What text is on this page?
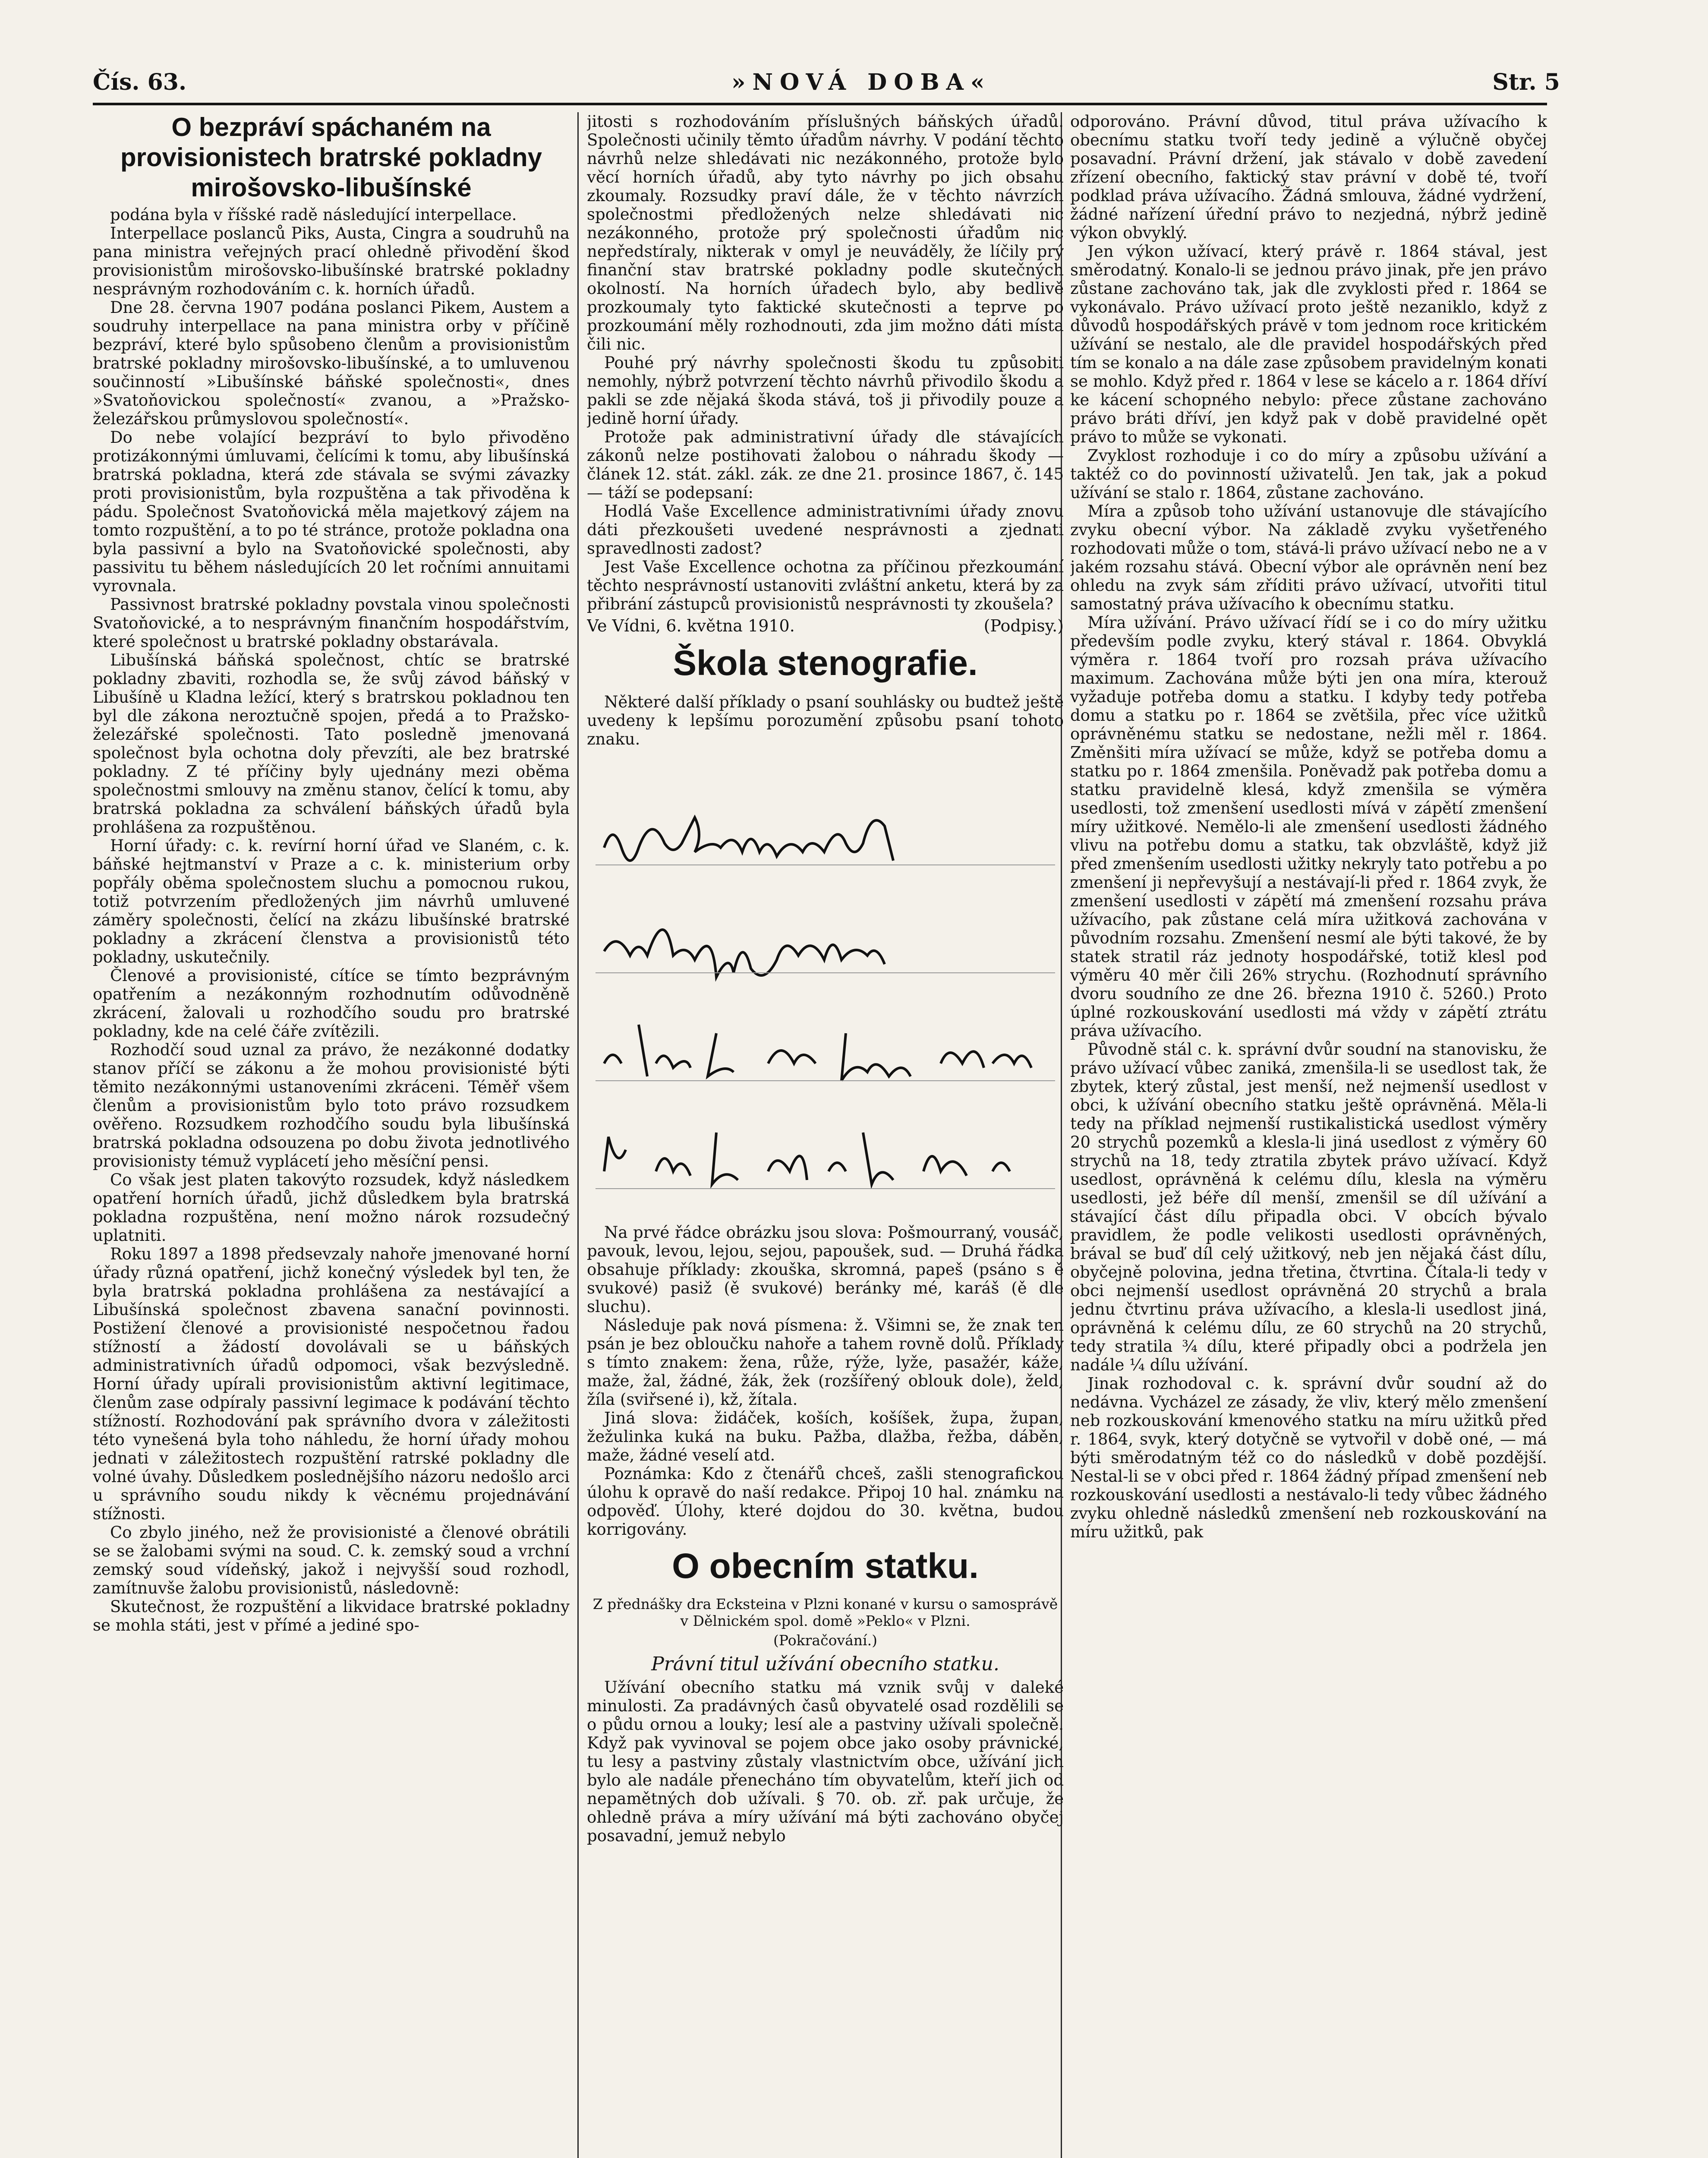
Čís. 63.	»NOVÁ DOBA«	Str. 5
O bezpráví spáchaném na provisionistech bratrské pokladny mirošovsko-libušínské

podána byla v říšské radě následující interpellace.

Interpellace poslanců Piks, Austa, Cingra a soudruhů na pana ministra veřejných prací ohledně přivodění škod provisionistům mirošovsko-libušínské bratrské pokladny nesprávným rozhodováním c. k. horních úřadů.

Dne 28. června 1907 podána poslanci Pikem, Austem a soudruhy interpellace na pana ministra orby v příčině bezpráví, které bylo spůsobeno členům a provisionistům bratrské pokladny mirošovsko-libušínské, a to umluvenou součinností »Libušínské báňské společnosti«, dnes »Svatoňovickou společností« zvanou, a »Pražsko-železářskou průmyslovou společností«.

Do nebe volající bezpráví to bylo přivoděno protizákonnými úmluvami, čelícími k tomu, aby libušínská bratrská pokladna, která zde stávala se svými závazky proti provisionistům, byla rozpuštěna a tak přivoděna k pádu. Společnost Svatoňovická měla majetkový zájem na tomto rozpuštění, a to po té stránce, protože pokladna ona byla passivní a bylo na Svatoňovické společnosti, aby passivitu tu během následujících 20 let ročními annuitami vyrovnala.

Passivnost bratrské pokladny povstala vinou společnosti Svatoňovické, a to nesprávným finančním hospodářstvím, které společnost u bratrské pokladny obstarávala.

Libušínská báňská společnost, chtíc se bratrské pokladny zbaviti, rozhodla se, že svůj závod báňský v Libušíně u Kladna ležící, který s bratrskou pokladnou ten byl dle zákona neroztučně spojen, předá a to Pražsko-železářské společnosti. Tato posledně jmenovaná společnost byla ochotna doly převzíti, ale bez bratrské pokladny. Z té příčiny byly ujednány mezi oběma společnostmi smlouvy na změnu stanov, čelící k tomu, aby bratrská pokladna za schválení báňských úřadů byla prohlášena za rozpuštěnou.

Horní úřady: c. k. revírní horní úřad ve Slaném, c. k. báňské hejtmanství v Praze a c. k. ministerium orby popřály oběma společnostem sluchu a pomocnou rukou, totiž potvrzením předložených jim návrhů umluvené záměry společnosti, čelící na zkázu libušínské bratrské pokladny a zkrácení členstva a provisionistů této pokladny, uskutečnily.

Členové a provisionisté, cítíce se tímto bezprávným opatřením a nezákonným rozhodnutím odůvodněně zkrácení, žalovali u rozhodčího soudu pro bratrské pokladny, kde na celé čáře zvítězili.

Rozhodčí soud uznal za právo, že nezákonné dodatky stanov příčí se zákonu a že mohou provisionisté býti těmito nezákonnými ustanoveními zkráceni. Téměř všem členům a provisionistům bylo toto právo rozsudkem ověřeno. Rozsudkem rozhodčího soudu byla libušínská bratrská pokladna odsouzena po dobu života jednotlivého provisionisty témuž vyplácetí jeho měsíční pensi.

Co však jest platen takovýto rozsudek, když následkem opatření horních úřadů, jichž důsledkem byla bratrská pokladna rozpuštěna, není možno nárok rozsudečný uplatniti.

Roku 1897 a 1898 předsevzaly nahoře jmenované horní úřady různá opatření, jichž konečný výsledek byl ten, že byla bratrská pokladna prohlášena za nestávající a Libušínská společnost zbavena sanační povinnosti. Postižení členové a provisionisté nespočetnou řadou stížností a žádostí dovolávali se u báňských administrativních úřadů odpomoci, však bezvýsledně. Horní úřady upírali provisionistům aktivní legitimace, členům zase odpíraly passivní legimace k podávání těchto stížností. Rozhodování pak správního dvora v záležitosti této vynešená byla toho náhledu, že horní úřady mohou jednati v záležitostech rozpuštění ratrské pokladny dle volné úvahy. Důsledkem poslednějšího názoru nedošlo arci u správního soudu nikdy k věcnému projednávání stížnosti.

Co zbylo jiného, než že provisionisté a členové obrátili se se žalobami svými na soud. C. k. zemský soud a vrchní zemský soud vídeňský, jakož i nejvyšší soud rozhodl, zamítnuvše žalobu provisionistů, následovně:

Skutečnost, že rozpuštění a likvidace bratrské pokladny se mohla státi, jest v přímé a jediné spo-

jitosti s rozhodováním příslušných báňských úřadů. Společnosti učinily těmto úřadům návrhy. V podání těchto návrhů nelze shledávati nic nezákonného, protože bylo věcí horních úřadů, aby tyto návrhy po jich obsahu zkoumaly. Rozsudky praví dále, že v těchto návrzích společnostmi předložených nelze shledávati nic nezákonného, protože prý společnosti úřadům nic nepředstíraly, nikterak v omyl je neuváděly, že líčily prý finanční stav bratrské pokladny podle skutečných okolností. Na horních úřadech bylo, aby bedlivě prozkoumaly tyto faktické skutečnosti a teprve po prozkoumání měly rozhodnouti, zda jim možno dáti místa čili nic.

Pouhé prý návrhy společnosti škodu tu způsobiti nemohly, nýbrž potvrzení těchto návrhů přivodilo škodu a pakli se zde nějaká škoda stává, toš ji přivodily pouze a jedině horní úřady.

Protože pak administrativní úřady dle stávajících zákonů nelze postihovati žalobou o náhradu škody — článek 12. stát. zákl. zák. ze dne 21. prosince 1867, č. 145 — táží se podepsaní:

Hodlá Vaše Excellence administrativními úřady znovu dáti přezkoušeti uvedené nesprávnosti a zjednati spravedlnosti zadost?

Jest Vaše Excellence ochotna za příčinou přezkoumání těchto nesprávností ustanoviti zvláštní anketu, která by za přibrání zástupců provisionistů nesprávnosti ty zkoušela?

Ve Vídni, 6. května 1910.	(Podpisy.)
Škola stenografie.

Některé další příklady o psaní souhlásky ou budtež ještě uvedeny k lepšímu porozumění způsobu psaní tohoto znaku.

Na prvé řádce obrázku jsou slova: Pošmourraný, vousáč, pavouk, levou, lejou, sejou, papoušek, sud. — Druhá řádka obsahuje příklady: zkouška, skromná, papeš (psáno s ě svukové) pasiž (ě svukové) beránky mé, karáš (ě dle sluchu).

Následuje pak nová písmena: ž. Všimni se, že znak ten psán je bez obloučku nahoře a tahem rovně dolů. Příklady s tímto znakem: žena, růže, rýže, lyže, pasažér, káže, maže, žal, žádné, žák, žek (rozšířený oblouk dole), želd, žíla (sviřsené i), kž, žítala.

Jiná slova: židáček, koších, košíšek, župa, župan, žežulinka kuká na buku. Pažba, dlažba, řežba, dáběn, maže, žádné veselí atd.

Poznámka: Kdo z čtenářů chceš, zašli stenografickou úlohu k opravě do naší redakce. Připoj 10 hal. známku na odpověď. Úlohy, které dojdou do 30. května, budou korrigovány.

O obecním statku.
Z přednášky dra Ecksteina v Plzni konané v kursu o samosprávě v Dělnickém spol. domě »Peklo« v Plzni.
(Pokračování.)
Právní titul užívání obecního statku.

Užívání obecního statku má vznik svůj v daleké minulosti. Za pradávných časů obyvatelé osad rozdělili se o půdu ornou a louky; lesí ale a pastviny užívali společně. Když pak vyvinoval se pojem obce jako osoby právnické, tu lesy a pastviny zůstaly vlastnictvím obce, užívání jich bylo ale nadále přenecháno tím obyvatelům, kteří jich od nepamětných dob užívali. § 70. ob. zř. pak určuje, že ohledně práva a míry užívání má býti zachováno obyčej posavadní, jemuž nebylo

odporováno. Právní důvod, titul práva užívacího k obecnímu statku tvoří tedy jedině a výlučně obyčej posavadní. Právní držení, jak stávalo v době zavedení zřízení obecního, faktický stav právní v době té, tvoří podklad práva užívacího. Žádná smlouva, žádné vydržení, žádné nařízení úřední právo to nezjedná, nýbrž jedině výkon obvyklý.

Jen výkon užívací, který právě r. 1864 stával, jest směrodatný. Konalo-li se jednou právo jinak, pře jen právo zůstane zachováno tak, jak dle zvyklosti před r. 1864 se vykonávalo. Právo užívací proto ještě nezaniklo, když z důvodů hospodářských právě v tom jednom roce kritickém užívání se nestalo, ale dle pravidel hospodářských před tím se konalo a na dále zase způsobem pravidelným konati se mohlo. Když před r. 1864 v lese se kácelo a r. 1864 dříví ke kácení schopného nebylo: přece zůstane zachováno právo bráti dříví, jen když pak v době pravidelné opět právo to může se vykonati.

Zvyklost rozhoduje i co do míry a způsobu užívání a taktéž co do povinností uživatelů. Jen tak, jak a pokud užívání se stalo r. 1864, zůstane zachováno.

Míra a způsob toho užívání ustanovuje dle stávajícího zvyku obecní výbor. Na základě zvyku vyšetřeného rozhodovati může o tom, stává-li právo užívací nebo ne a v jakém rozsahu stává. Obecní výbor ale oprávněn není bez ohledu na zvyk sám zříditi právo užívací, utvořiti titul samostatný práva užívacího k obecnímu statku.

Míra užívání. Právo užívací řídí se i co do míry užitku především podle zvyku, který stával r. 1864. Obvyklá výměra r. 1864 tvoří pro rozsah práva užívacího maximum. Zachována může býti jen ona míra, kterouž vyžaduje potřeba domu a statku. I kdyby tedy potřeba domu a statku po r. 1864 se zvětšila, přec více užitků oprávněnému statku se nedostane, nežli měl r. 1864. Změnšiti míra užívací se může, když se potřeba domu a statku po r. 1864 zmenšila. Poněvadž pak potřeba domu a statku pravidelně klesá, když zmenšila se výměra usedlosti, tož zmenšení usedlosti mívá v zápětí zmenšení míry užitkové. Nemělo-li ale zmenšení usedlosti žádného vlivu na potřebu domu a statku, tak obzvláště, když již před zmenšením usedlosti užitky nekryly tato potřebu a po zmenšení ji nepřevyšují a nestávají-li před r. 1864 zvyk, že zmenšení usedlosti v zápětí má zmenšení rozsahu práva užívacího, pak zůstane celá míra užitková zachována v původním rozsahu. Zmenšení nesmí ale býti takové, že by statek stratil ráz jednoty hospodářské, totiž klesl pod výměru 40 měr čili 26% strychu. (Rozhodnutí správního dvoru soudního ze dne 26. března 1910 č. 5260.) Proto úplné rozkouskování usedlosti má vždy v zápětí ztrátu práva užívacího.

Původně stál c. k. správní dvůr soudní na stanovisku, že právo užívací vůbec zaniká, zmenšila-li se usedlost tak, že zbytek, který zůstal, jest menší, než nejmenší usedlost v obci, k užívání obecního statku ještě oprávněná. Měla-li tedy na příklad nejmenší rustikalistická usedlost výměry 20 strychů pozemků a klesla-li jiná usedlost z výměry 60 strychů na 18, tedy ztratila zbytek právo užívací. Když usedlost, oprávněná k celému dílu, klesla na výměru usedlosti, jež béře díl menší, zmenšil se díl užívání a stávající část dílu připadla obci. V obcích bývalo pravidlem, že podle velikosti usedlosti oprávněných, brával se buď díl celý užitkový, neb jen nějaká část dílu, obyčejně polovina, jedna třetina, čtvrtina. Čítala-li tedy v obci nejmenší usedlost oprávněná 20 strychů a brala jednu čtvrtinu práva užívacího, a klesla-li usedlost jiná, oprávněná k celému dílu, ze 60 strychů na 20 strychů, tedy stratila ¾ dílu, které připadly obci a podržela jen nadále ¼ dílu užívání.

Jinak rozhodoval c. k. správní dvůr soudní až do nedávna. Vycházel ze zásady, že vliv, který mělo zmenšení neb rozkouskování kmenového statku na míru užitků před r. 1864, svyk, který dotyčně se vytvořil v době oné, — má býti směrodatným též co do následků v době pozdější. Nestal-li se v obci před r. 1864 žádný případ zmenšení neb rozkouskování usedlosti a nestávalo-li tedy vůbec žádného zvyku ohledně následků zmenšení neb rozkouskování na míru užitků, pak
